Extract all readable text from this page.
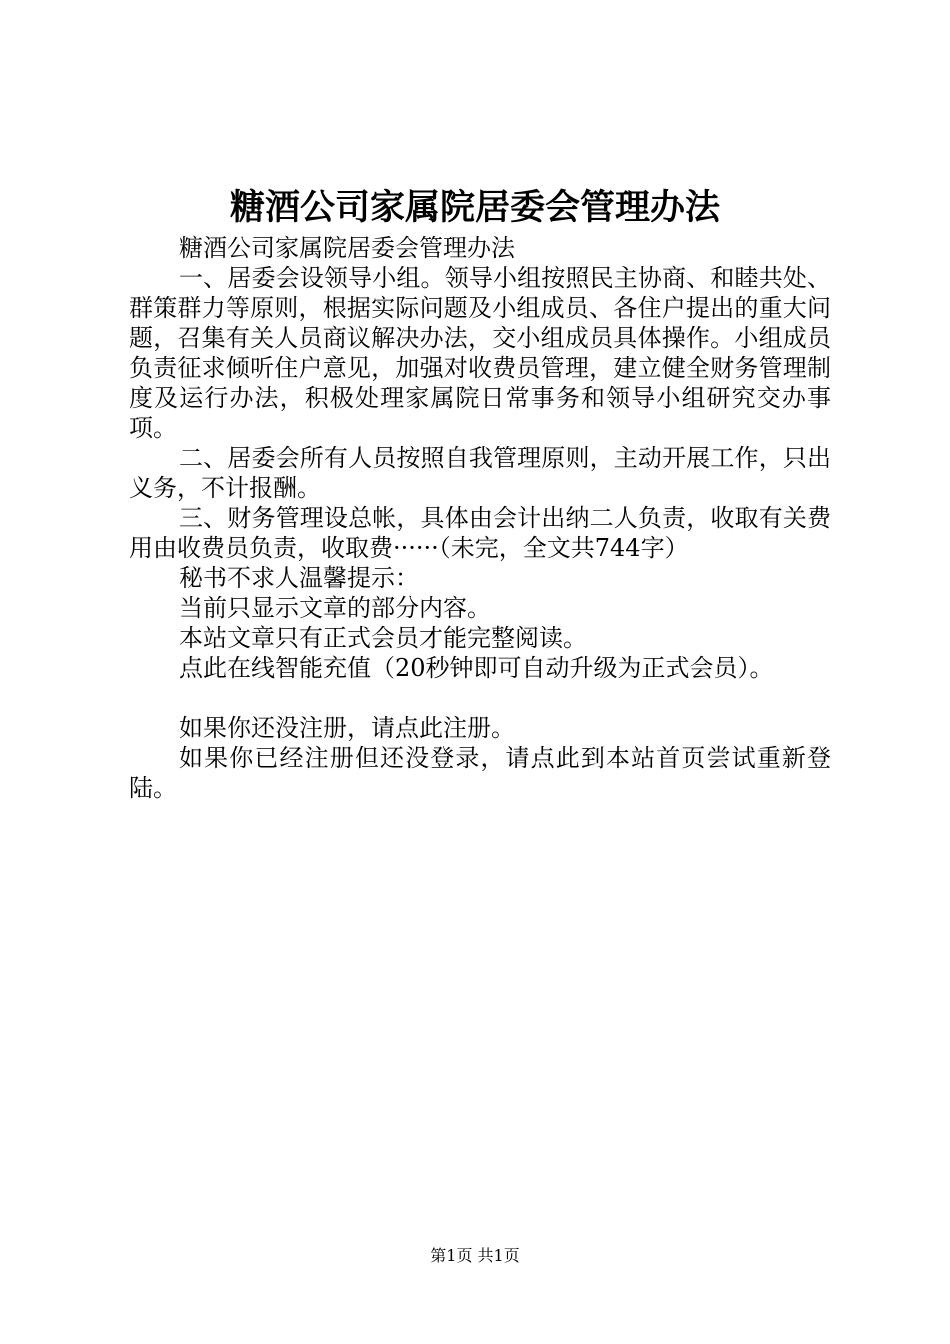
糖酒公司家属院居委会管理办法

糖酒公司家属院居委会管理办法

一、居委会设领导小组。领导小组按照民主协商、和睦共处、群策群力等原则，根据实际问题及小组成员、各住户提出的重大问题，召集有关人员商议解决办法，交小组成员具体操作。小组成员负责征求倾听住户意见，加强对收费员管理，建立健全财务管理制度及运行办法，积极处理家属院日常事务和领导小组研究交办事项。

二、居委会所有人员按照自我管理原则，主动开展工作，只出义务，不计报酬。

三、财务管理设总帐，具体由会计出纳二人负责，收取有关费用由收费员负责，收取费······（未完，全文共744字）

秘书不求人温馨提示：

当前只显示文章的部分内容。

本站文章只有正式会员才能完整阅读。

点此在线智能充值（20秒钟即可自动升级为正式会员）。

如果你还没注册，请点此注册。

如果你已经注册但还没登录，请点此到本站首页尝试重新登陆。

第1页 共1页
